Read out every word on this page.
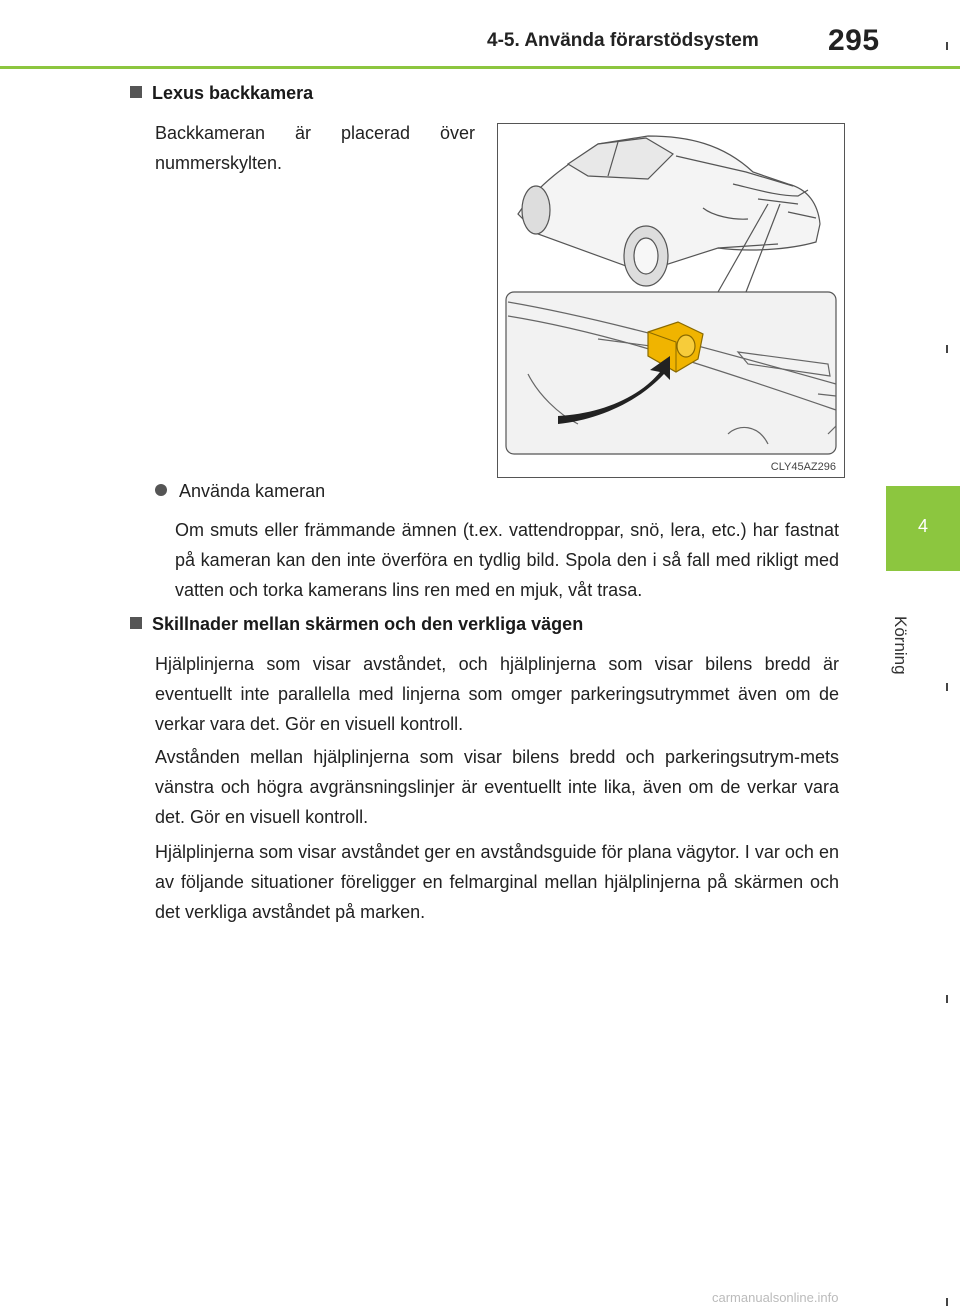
4-5. Använda förarstödsystem 295
4
Körning
Lexus backkamera
Backkameran är placerad över nummerskylten.
CLY45AZ296
Använda kameran
Om smuts eller främmande ämnen (t.ex. vattendroppar, snö, lera, etc.) har fastnat på kameran kan den inte överföra en tydlig bild. Spola den i så fall med rikligt med vatten och torka kamerans lins ren med en mjuk, våt trasa.
Skillnader mellan skärmen och den verkliga vägen
Hjälplinjerna som visar avståndet, och hjälplinjerna som visar bilens bredd är eventuellt inte parallella med linjerna som omger parkeringsutrymmet även om de verkar vara det. Gör en visuell kontroll.
Avstånden mellan hjälplinjerna som visar bilens bredd och parkeringsutrym-mets vänstra och högra avgränsningslinjer är eventuellt inte lika, även om de verkar vara det. Gör en visuell kontroll.
Hjälplinjerna som visar avståndet ger en avståndsguide för plana vägytor. I var och en av följande situationer föreligger en felmarginal mellan hjälplinjerna på skärmen och det verkliga avståndet på marken.
carmanualsonline.info
